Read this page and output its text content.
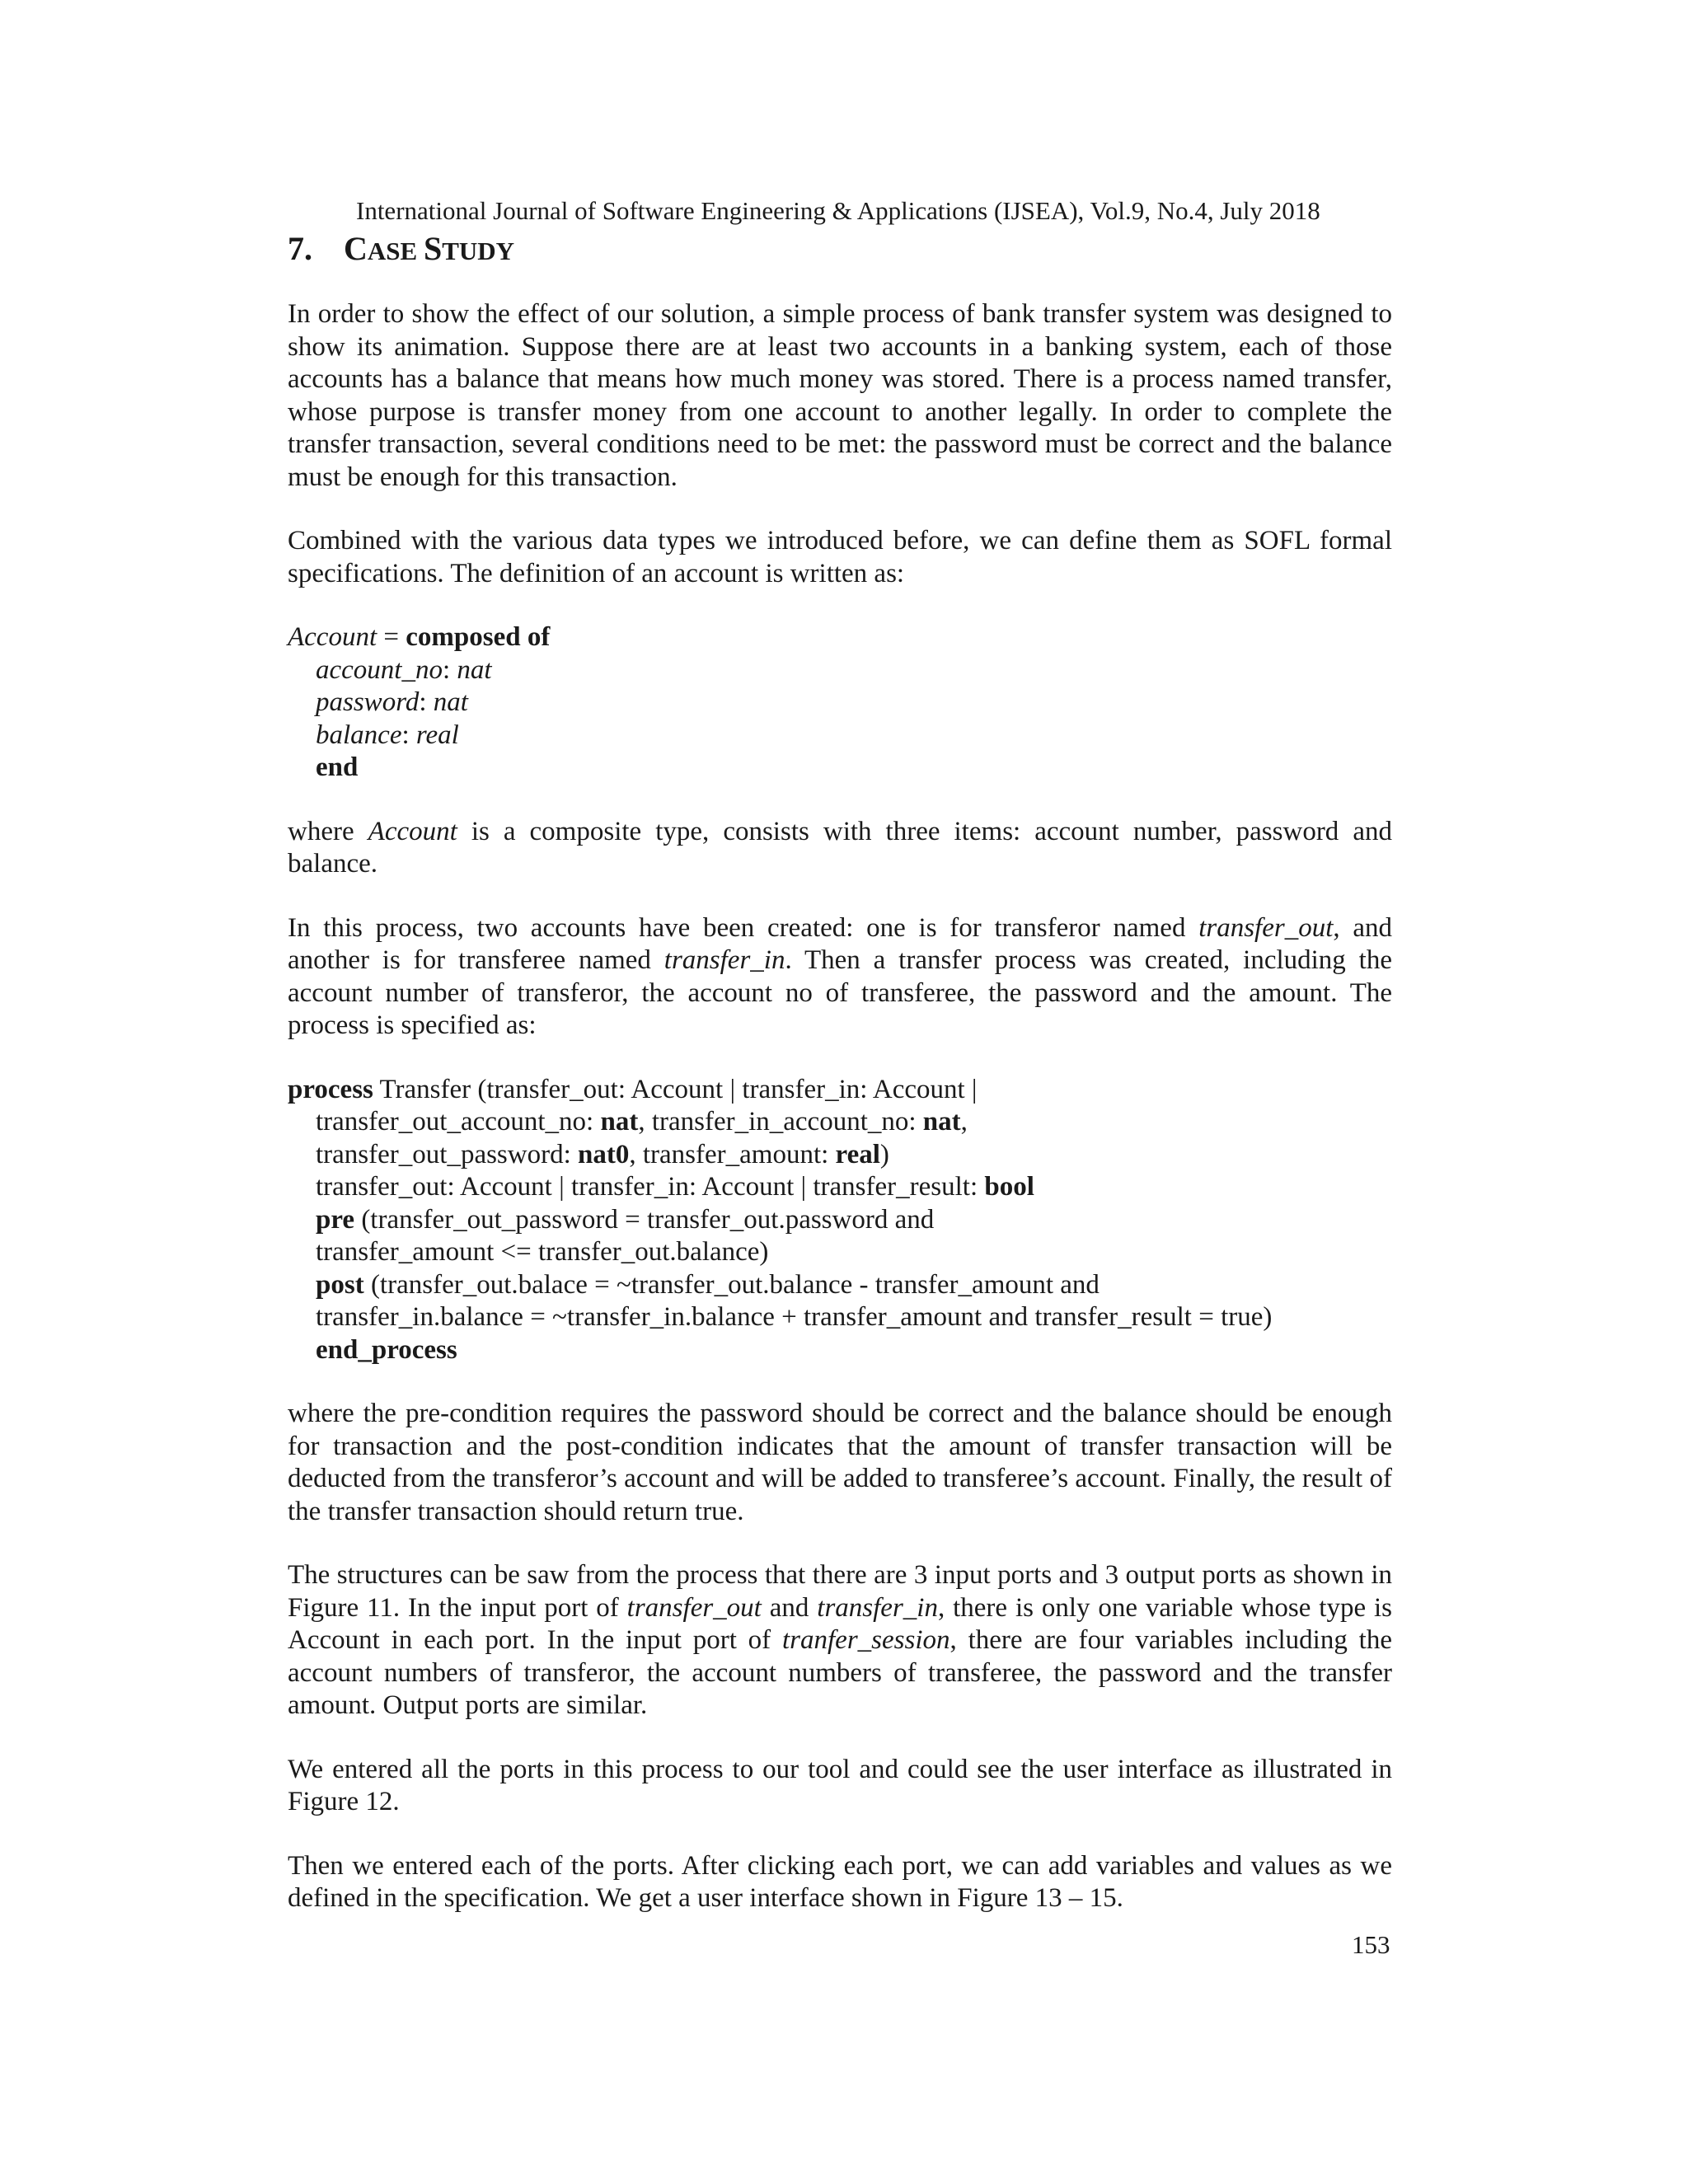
International Journal of Software Engineering & Applications (IJSEA), Vol.9, No.4, July 2018
7. CASE STUDY

In order to show the effect of our solution, a simple process of bank transfer system was designed to show its animation. Suppose there are at least two accounts in a banking system, each of those accounts has a balance that means how much money was stored. There is a process named transfer, whose purpose is transfer money from one account to another legally. In order to complete the transfer transaction, several conditions need to be met: the password must be correct and the balance must be enough for this transaction.

Combined with the various data types we introduced before, we can define them as SOFL formal specifications. The definition of an account is written as:

Account = composed of
account_no: nat
password: nat
balance: real
end

where Account is a composite type, consists with three items: account number, password and balance.

In this process, two accounts have been created: one is for transferor named transfer_out, and another is for transferee named transfer_in. Then a transfer process was created, including the account number of transferor, the account no of transferee, the password and the amount. The process is specified as:

process Transfer (transfer_out: Account | transfer_in: Account |
transfer_out_account_no: nat, transfer_in_account_no: nat,
transfer_out_password: nat0, transfer_amount: real)
transfer_out: Account | transfer_in: Account | transfer_result: bool
pre (transfer_out_password = transfer_out.password and
transfer_amount <= transfer_out.balance)
post (transfer_out.balace = ~transfer_out.balance - transfer_amount and
transfer_in.balance = ~transfer_in.balance + transfer_amount and transfer_result = true)
end_process

where the pre-condition requires the password should be correct and the balance should be enough for transaction and the post-condition indicates that the amount of transfer transaction will be deducted from the transferor’s account and will be added to transferee’s account. Finally, the result of the transfer transaction should return true.

The structures can be saw from the process that there are 3 input ports and 3 output ports as shown in Figure 11. In the input port of transfer_out and transfer_in, there is only one variable whose type is Account in each port. In the input port of tranfer_session, there are four variables including the account numbers of transferor, the account numbers of transferee, the password and the transfer amount. Output ports are similar.

We entered all the ports in this process to our tool and could see the user interface as illustrated in Figure 12.

Then we entered each of the ports. After clicking each port, we can add variables and values as we defined in the specification. We get a user interface shown in Figure 13 – 15.

153
